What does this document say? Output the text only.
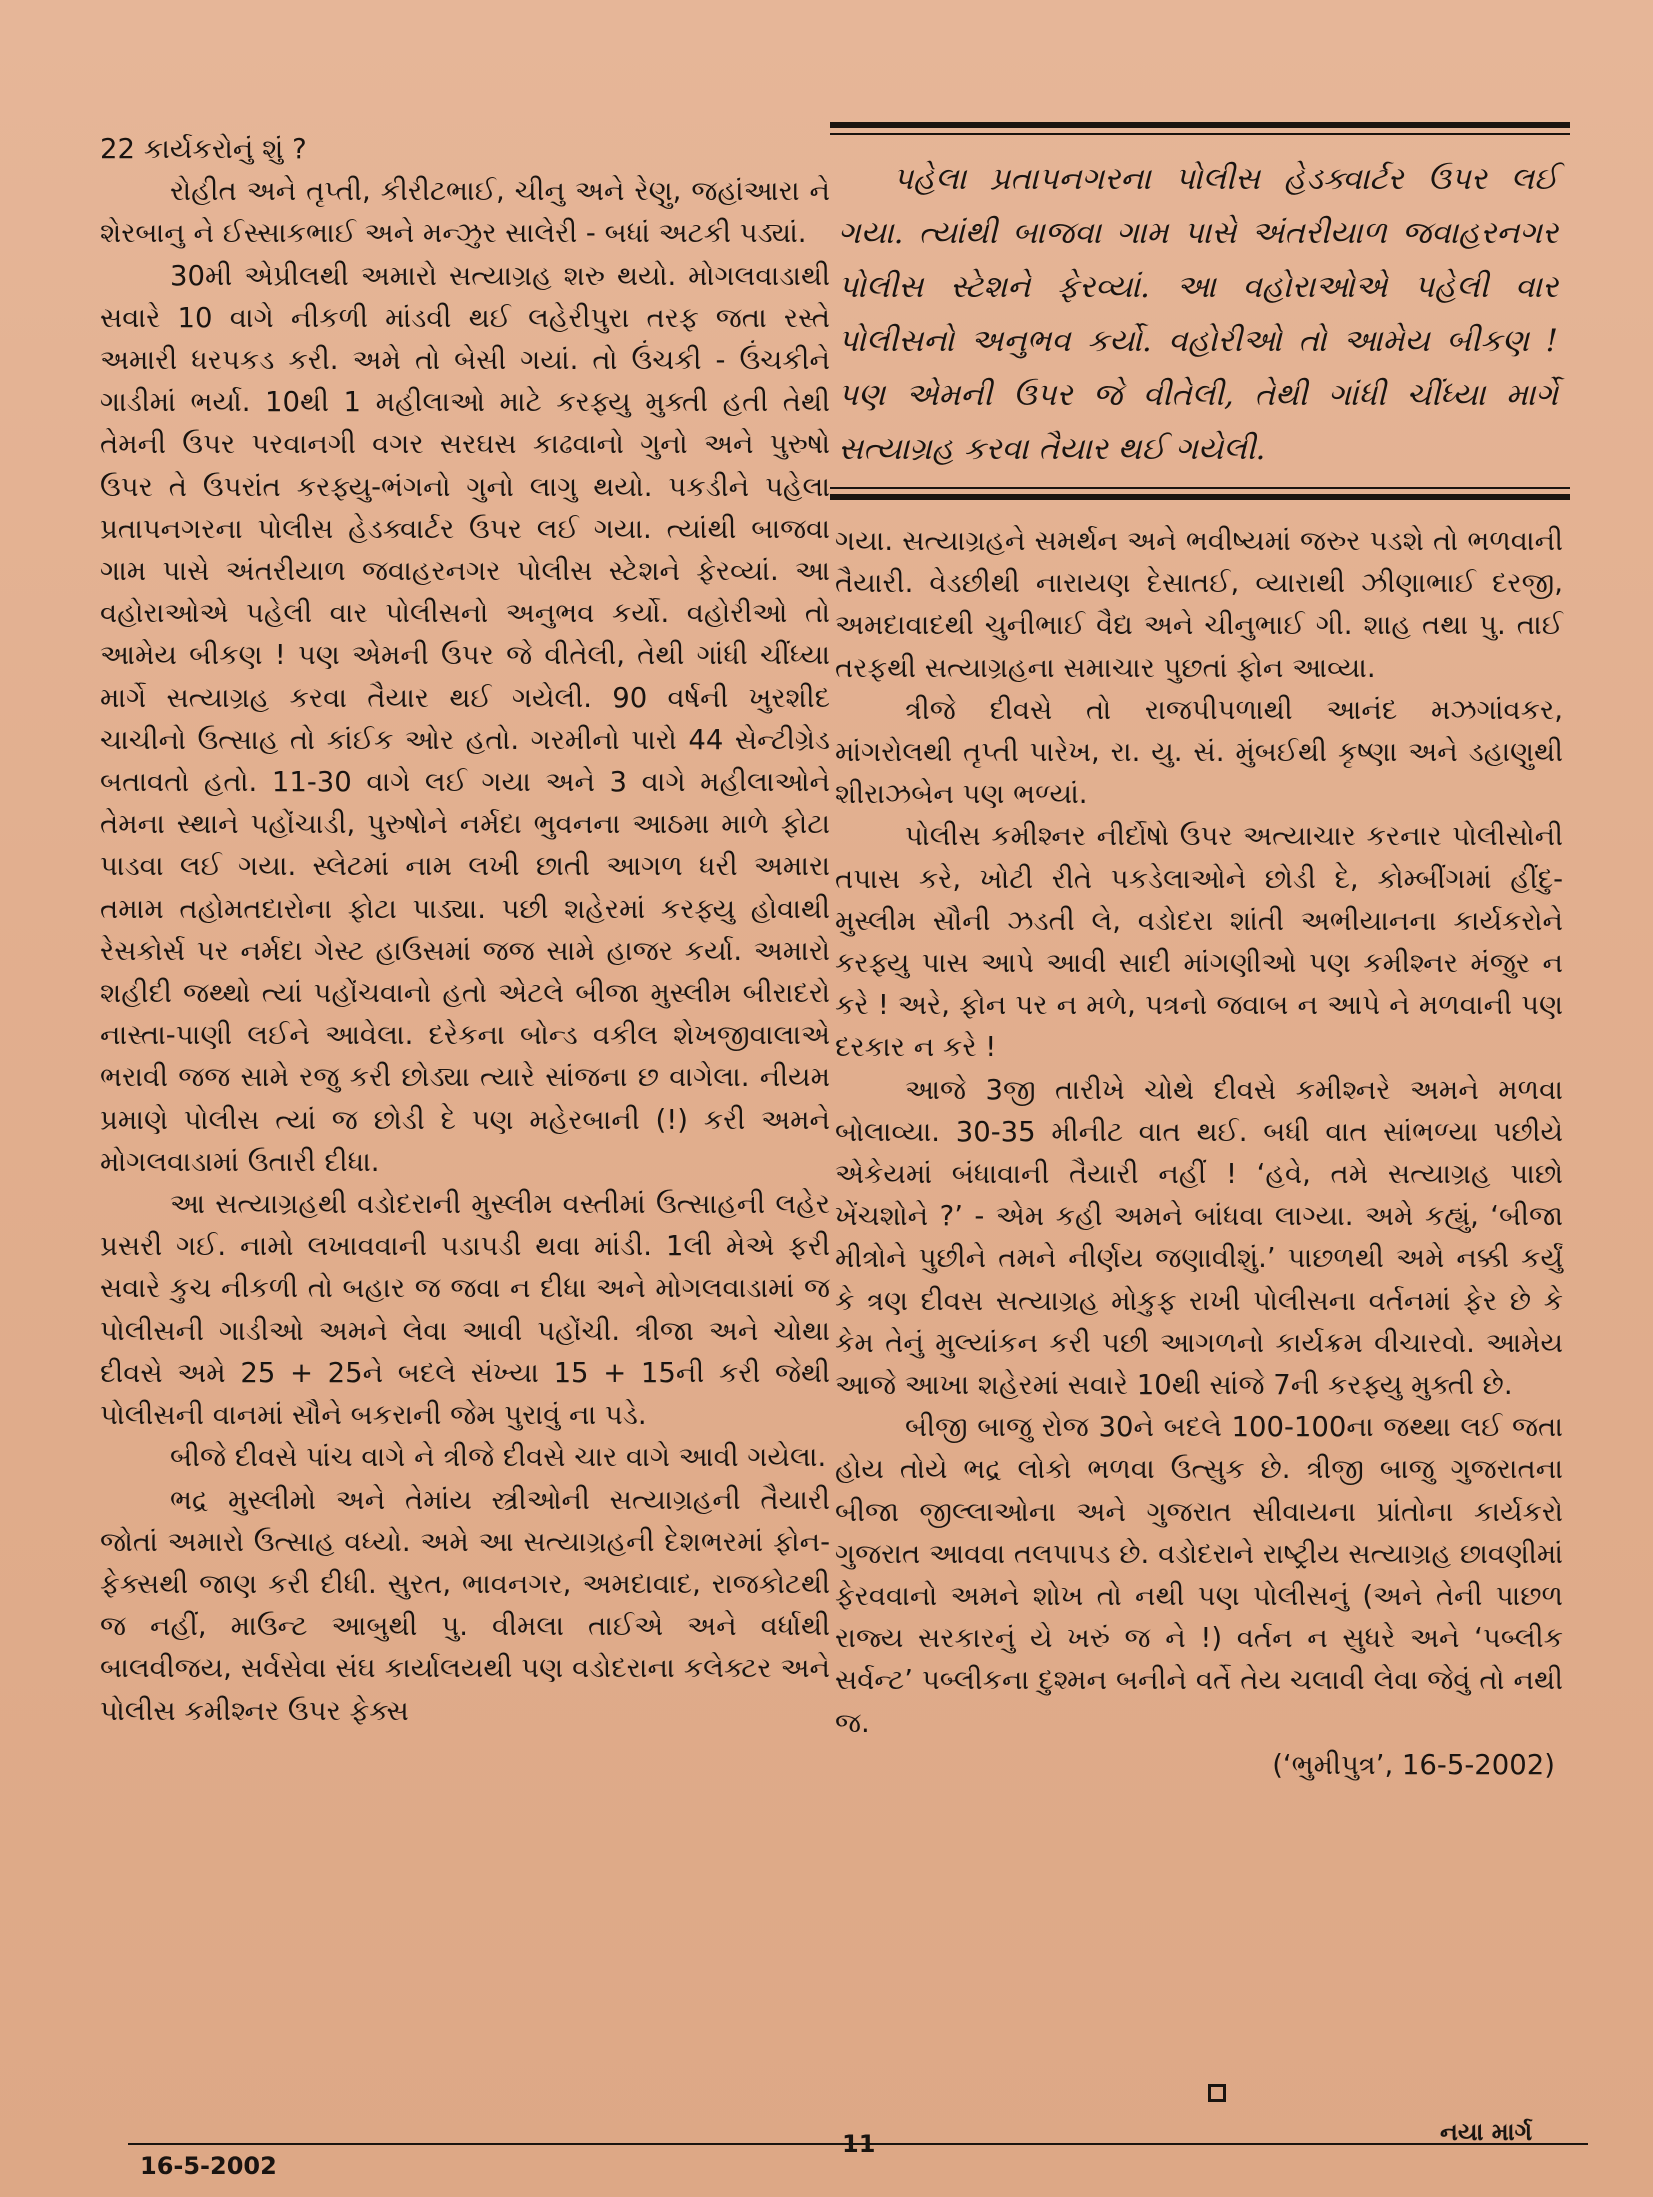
22 કાર્યકરોનું શું ?

રોહીત અને તૃપ્તી, કીરીટભાઈ, ચીનુ અને રેણુ, જહાંઆરા ને શેરબાનુ ને ઈસ્સાકભાઈ અને મન્ઝુર સાલેરી - બધાં અટકી પડ્યાં.

30મી એપ્રીલથી અમારો સત્યાગ્રહ શરુ થયો. મોગલવાડાથી સવારે 10 વાગે નીકળી માંડવી થઈ લહેરીપુરા તરફ જતા રસ્તે અમારી ધરપકડ કરી. અમે તો બેસી ગયાં. તો ઉંચકી - ઉંચકીને ગાડીમાં ભર્યા. 10થી 1 મહીલાઓ માટે કરફ્યુ મુક્તી હતી તેથી તેમની ઉપર પરવાનગી વગર સરઘસ કાઢવાનો ગુનો અને પુરુષો ઉપર તે ઉપરાંત કરફ્યુ-ભંગનો ગુનો લાગુ થયો. પકડીને પહેલા પ્રતાપનગરના પોલીસ હેડક્વાર્ટર ઉપર લઈ ગયા. ત્યાંથી બાજવા ગામ પાસે અંતરીયાળ જવાહરનગર પોલીસ સ્ટેશને ફેરવ્યાં. આ વહોરાઓએ પહેલી વાર પોલીસનો અનુભવ કર્યો. વહોરીઓ તો આમેય બીકણ ! પણ એમની ઉપર જે વીતેલી, તેથી ગાંધી ચીંધ્યા માર્ગે સત્યાગ્રહ કરવા તૈયાર થઈ ગયેલી. 90 વર્ષની ખુરશીદ ચાચીનો ઉત્સાહ તો કાંઈક ઓર હતો. ગરમીનો પારો 44 સેન્ટીગ્રેડ બતાવતો હતો. 11-30 વાગે લઈ ગયા અને 3 વાગે મહીલાઓને તેમના સ્થાને પહોંચાડી, પુરુષોને નર્મદા ભુવનના આઠમા માળે ફોટા પાડવા લઈ ગયા. સ્લેટમાં નામ લખી છાતી આગળ ધરી અમારા તમામ તહોમતદારોના ફોટા પાડ્યા. પછી શહેરમાં કરફ્યુ હોવાથી રેસકોર્સ પર નર્મદા ગેસ્ટ હાઉસમાં જજ સામે હાજર કર્યા. અમારો શહીદી જથ્થો ત્યાં પહોંચવાનો હતો એટલે બીજા મુસ્લીમ બીરાદરો નાસ્તા-પાણી લઈને આવેલા. દરેકના બોન્ડ વકીલ શેખજીવાલાએ ભરાવી જજ સામે રજુ કરી છોડ્યા ત્યારે સાંજના છ વાગેલા. નીયમ પ્રમાણે પોલીસ ત્યાં જ છોડી દે પણ મહેરબાની (!) કરી અમને મોગલવાડામાં ઉતારી દીધા.

આ સત્યાગ્રહથી વડોદરાની મુસ્લીમ વસ્તીમાં ઉત્સાહની લહેર પ્રસરી ગઈ. નામો લખાવવાની પડાપડી થવા માંડી. 1લી મેએ ફરી સવારે કુચ નીકળી તો બહાર જ જવા ન દીધા અને મોગલવાડામાં જ પોલીસની ગાડીઓ અમને લેવા આવી પહોંચી. ત્રીજા અને ચોથા દીવસે અમે 25 + 25ને બદલે સંખ્યા 15 + 15ની કરી જેથી પોલીસની વાનમાં સૌને બકરાની જેમ પુરાવું ના પડે.

બીજે દીવસે પાંચ વાગે ને ત્રીજે દીવસે ચાર વાગે આવી ગયેલા.

ભદ્ર મુસ્લીમો અને તેમાંય સ્ત્રીઓની સત્યાગ્રહની તૈયારી જોતાં અમારો ઉત્સાહ વધ્યો. અમે આ સત્યાગ્રહની દેશભરમાં ફોન-ફેક્સથી જાણ કરી દીધી. સુરત, ભાવનગર, અમદાવાદ, રાજકોટથી જ નહીં, માઉન્ટ આબુથી પુ. વીમલા તાઈએ અને વર્ધાથી બાલવીજય, સર્વસેવા સંઘ કાર્યાલયથી પણ વડોદરાના કલેક્ટર અને પોલીસ કમીશ્નર ઉપર ફેક્સ

પહેલા પ્રતાપનગરના પોલીસ હેડક્વાર્ટર ઉપર લઈ ગયા. ત્યાંથી બાજવા ગામ પાસે અંતરીયાળ જવાહરનગર પોલીસ સ્ટેશને ફેરવ્યાં. આ વહોરાઓએ પહેલી વાર પોલીસનો અનુભવ કર્યો. વહોરીઓ તો આમેય બીકણ ! પણ એમની ઉપર જે વીતેલી, તેથી ગાંધી ચીંધ્યા માર્ગે સત્યાગ્રહ કરવા તૈયાર થઈ ગયેલી.

ગયા. સત્યાગ્રહને સમર્થન અને ભવીષ્યમાં જરુર પડશે તો ભળવાની તૈયારી. વેડછીથી નારાયણ દેસાતઈ, વ્યારાથી ઝીણાભાઈ દરજી, અમદાવાદથી ચુનીભાઈ વૈદ્ય અને ચીનુભાઈ ગી. શાહ તથા પુ. તાઈ તરફથી સત્યાગ્રહના સમાચાર પુછતાં ફોન આવ્યા.

ત્રીજે દીવસે તો રાજપીપળાથી આનંદ મઝગાંવકર, માંગરોલથી તૃપ્તી પારેખ, રા. યુ. સં. મુંબઈથી કૃષ્ણા અને ડહાણુથી શીરાઝબેન પણ ભળ્યાં.

પોલીસ કમીશ્નર નીર્દોષો ઉપર અત્યાચાર કરનાર પોલીસોની તપાસ કરે, ખોટી રીતે પકડેલાઓને છોડી દે, કોમ્બીંગમાં હીંદુ-મુસ્લીમ સૌની ઝડતી લે, વડોદરા શાંતી અભીયાનના કાર્યકરોને કરફ્યુ પાસ આપે આવી સાદી માંગણીઓ પણ કમીશ્નર મંજુર ન કરે ! અરે, ફોન પર ન મળે, પત્રનો જવાબ ન આપે ને મળવાની પણ દરકાર ન કરે !

આજે 3જી તારીખે ચોથે દીવસે કમીશ્નરે અમને મળવા બોલાવ્યા. 30-35 મીનીટ વાત થઈ. બધી વાત સાંભળ્યા પછીયે એકેયમાં બંધાવાની તૈયારી નહીં ! ‘હવે, તમે સત્યાગ્રહ પાછો ખેંચશોને ?’ - એમ કહી અમને બાંધવા લાગ્યા. અમે કહ્યું, ‘બીજા મીત્રોને પુછીને તમને નીર્ણય જણાવીશું.’ પાછળથી અમે નક્કી કર્યું કે ત્રણ દીવસ સત્યાગ્રહ મોકુફ રાખી પોલીસના વર્તનમાં ફેર છે કે કેમ તેનું મુલ્યાંકન કરી પછી આગળનો કાર્યક્રમ વીચારવો. આમેય આજે આખા શહેરમાં સવારે 10થી સાંજે 7ની કરફ્યુ મુક્તી છે.

બીજી બાજુ રોજ 30ને બદલે 100-100ના જથ્થા લઈ જતા હોય તોયે ભદ્ર લોકો ભળવા ઉત્સુક છે. ત્રીજી બાજુ ગુજરાતના બીજા જીલ્લાઓના અને ગુજરાત સીવાયના પ્રાંતોના કાર્યકરો ગુજરાત આવવા તલપાપડ છે. વડોદરાને રાષ્ટ્રીય સત્યાગ્રહ છાવણીમાં ફેરવવાનો અમને શોખ તો નથી પણ પોલીસનું (અને તેની પાછળ રાજ્ય સરકારનું યે ખરું જ ને !) વર્તન ન સુધરે અને ‘પબ્લીક સર્વન્ટ’ પબ્લીકના દુશ્મન બનીને વર્તે તેય ચલાવી લેવા જેવું તો નથી જ.

(‘ભુમીપુત્ર’, 16-5-2002)

16-5-2002
11	નયા માર્ગ
